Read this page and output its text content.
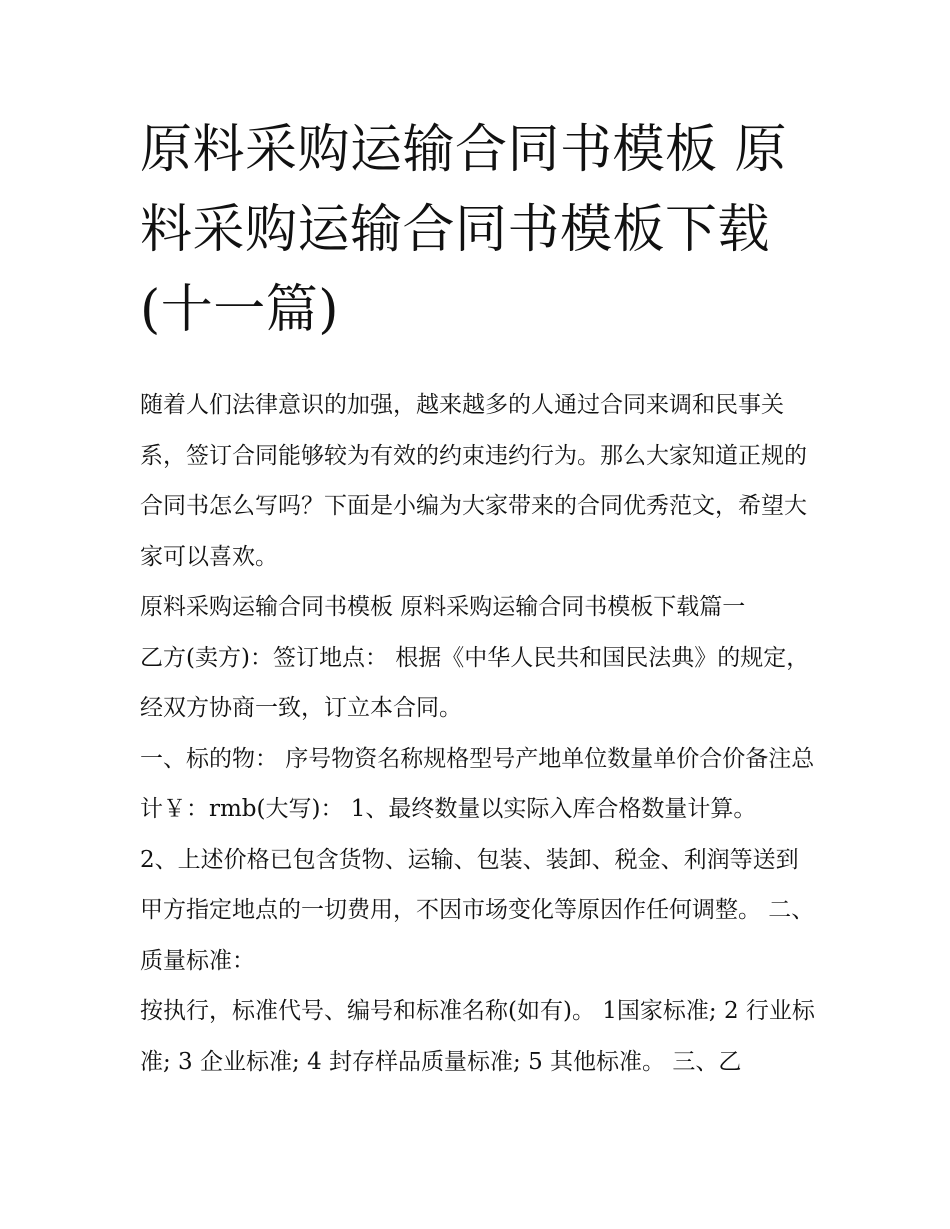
原料采购运输合同书模板 原料采购运输合同书模板下载(十一篇)

随着人们法律意识的加强，越来越多的人通过合同来调和民事关系，签订合同能够较为有效的约束违约行为。那么大家知道正规的合同书怎么写吗？下面是小编为大家带来的合同优秀范文，希望大家可以喜欢。

原料采购运输合同书模板 原料采购运输合同书模板下载篇一

乙方(卖方)：签订地点： 根据《中华人民共和国民法典》的规定，经双方协商一致，订立本合同。

一、标的物： 序号物资名称规格型号产地单位数量单价合价备注总计￥：rmb(大写)： 1、最终数量以实际入库合格数量计算。

2、上述价格已包含货物、运输、包装、装卸、税金、利润等送到甲方指定地点的一切费用，不因市场变化等原因作任何调整。 二、质量标准：

按执行，标准代号、编号和标准名称(如有)。 1国家标准; 2 行业标准; 3 企业标准; 4 封存样品质量标准; 5 其他标准。 三、乙
